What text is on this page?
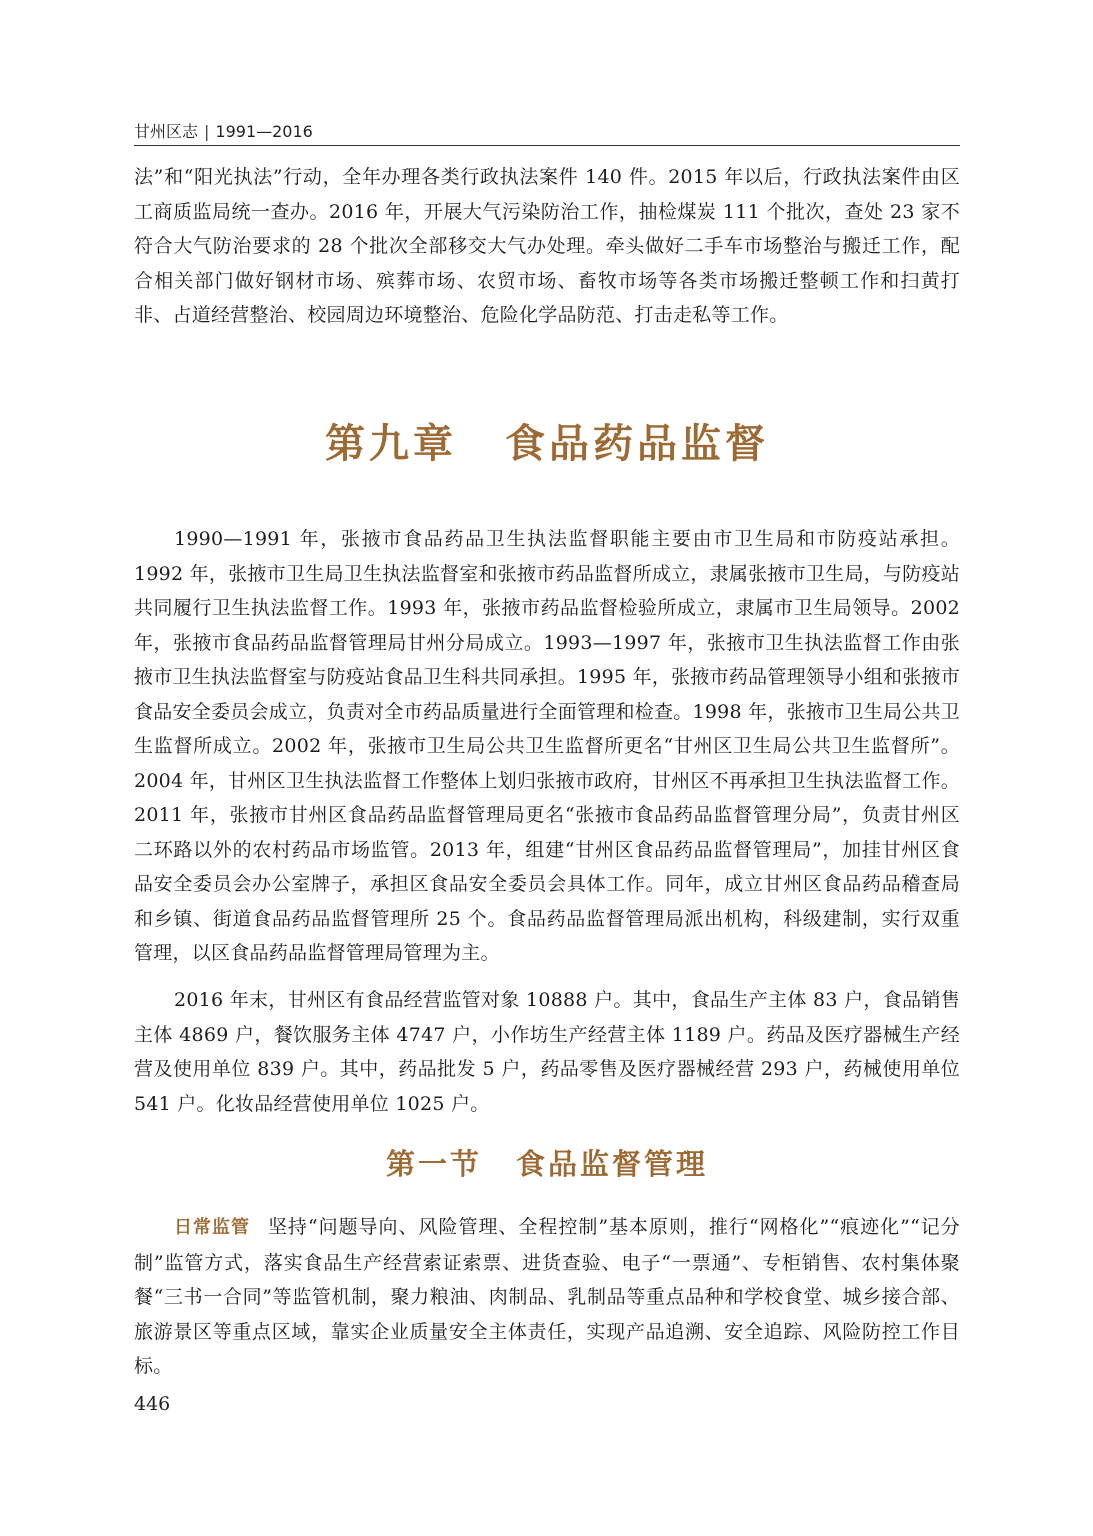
甘州区志 | 1991—2016

法”和“阳光执法”行动，全年办理各类行政执法案件 140 件。2015 年以后，行政执法案件由区工商质监局统一查办。2016 年，开展大气污染防治工作，抽检煤炭 111 个批次，查处 23 家不符合大气防治要求的 28 个批次全部移交大气办处理。牵头做好二手车市场整治与搬迁工作，配合相关部门做好钢材市场、殡葬市场、农贸市场、畜牧市场等各类市场搬迁整顿工作和扫黄打非、占道经营整治、校园周边环境整治、危险化学品防范、打击走私等工作。

第九章 食品药品监督

1990—1991 年，张掖市食品药品卫生执法监督职能主要由市卫生局和市防疫站承担。1992 年，张掖市卫生局卫生执法监督室和张掖市药品监督所成立，隶属张掖市卫生局，与防疫站共同履行卫生执法监督工作。1993 年，张掖市药品监督检验所成立，隶属市卫生局领导。2002 年，张掖市食品药品监督管理局甘州分局成立。1993—1997 年，张掖市卫生执法监督工作由张掖市卫生执法监督室与防疫站食品卫生科共同承担。1995 年，张掖市药品管理领导小组和张掖市食品安全委员会成立，负责对全市药品质量进行全面管理和检查。1998 年，张掖市卫生局公共卫生监督所成立。2002 年，张掖市卫生局公共卫生监督所更名“甘州区卫生局公共卫生监督所”。2004 年，甘州区卫生执法监督工作整体上划归张掖市政府，甘州区不再承担卫生执法监督工作。2011 年，张掖市甘州区食品药品监督管理局更名“张掖市食品药品监督管理分局”，负责甘州区二环路以外的农村药品市场监管。2013 年，组建“甘州区食品药品监督管理局”，加挂甘州区食品安全委员会办公室牌子，承担区食品安全委员会具体工作。同年，成立甘州区食品药品稽查局和乡镇、街道食品药品监督管理所 25 个。食品药品监督管理局派出机构，科级建制，实行双重管理，以区食品药品监督管理局管理为主。

2016 年末，甘州区有食品经营监管对象 10888 户。其中，食品生产主体 83 户，食品销售主体 4869 户，餐饮服务主体 4747 户，小作坊生产经营主体 1189 户。药品及医疗器械生产经营及使用单位 839 户。其中，药品批发 5 户，药品零售及医疗器械经营 293 户，药械使用单位 541 户。化妆品经营使用单位 1025 户。

第一节 食品监督管理

日常监管 坚持“问题导向、风险管理、全程控制”基本原则，推行“网格化”“痕迹化”“记分制”监管方式，落实食品生产经营索证索票、进货查验、电子“一票通”、专柜销售、农村集体聚餐“三书一合同”等监管机制，聚力粮油、肉制品、乳制品等重点品种和学校食堂、城乡接合部、旅游景区等重点区域，靠实企业质量安全主体责任，实现产品追溯、安全追踪、风险防控工作目标。

446
